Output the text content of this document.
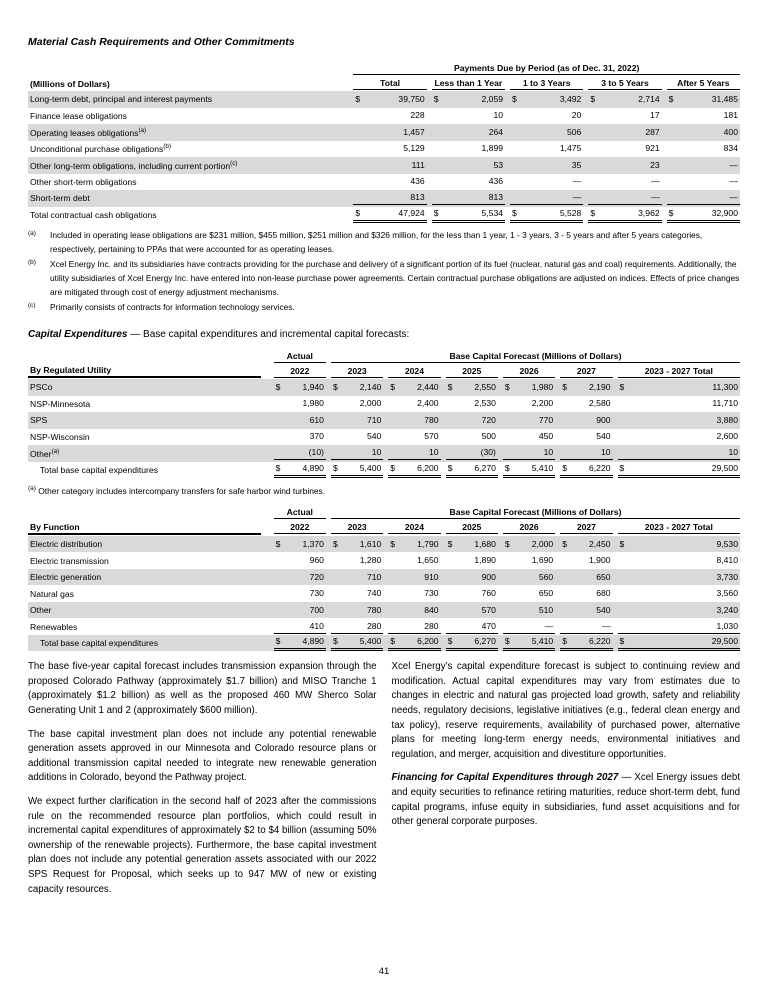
Material Cash Requirements and Other Commitments

	Payments Due by Period (as of Dec. 31, 2022)				

(Millions of Dollars)	Total	Less than 1 Year	1 to 3 Years	3 to 5 Years	After 5 Years

Long-term debt, principal and interest payments	$ 39,750	$ 2,059	$ 3,492	$ 2,714	$ 31,485

Finance lease obligations	228	10	20	17	181

Operating leases obligations$^{(a)}$	1,457	264	506	287	400

Unconditional purchase obligations$^{(b)}$	5,129	1,899	1,475	921	834

Other long-term obligations, including current portion$^{(c)}$	111	53	35	23	—

Other short-term obligations	436	436	—	—	—

Short-term debt	813	813	—	—	—

Total contractual cash obligations	$ 47,924	$ 5,534	$ 5,528	$ 3,962	$ 32,900
(a) Included in operating lease obligations are $231 million, $455 million, $251 million and $326 million, for the less than 1 year, 1 - 3 years, 3 - 5 years and after 5 years categories, respectively, pertaining to PPAs that were accounted for as operating leases.
(b) Xcel Energy Inc. and its subsidiaries have contracts providing for the purchase and delivery of a significant portion of its fuel (nuclear, natural gas and coal) requirements. Additionally, the utility subsidiaries of Xcel Energy Inc. have entered into non-lease purchase power agreements. Certain contractual purchase obligations are adjusted on indices. Effects of price changes are mitigated through cost of energy adjustment mechanisms.
(c) Primarily consists of contracts for information technology services.
Capital Expenditures — Base capital expenditures and incremental capital forecasts:

	Actual	Base Capital Forecast (Millions of Dollars)					

By Regulated Utility	2022	2023	2024	2025	2026	2027	2023 - 2027 Total

PSCo	$ 1,940	$ 2,140	$ 2,440	$ 2,550	$ 1,980	$ 2,190	$ 11,300

NSP-Minnesota	1,980	2,000	2,400	2,530	2,200	2,580	11,710

SPS	610	710	780	720	770	900	3,880

NSP-Wisconsin	370	540	570	500	450	540	2,600

Other$^{(a)}$	(10)	10	10	(30)	10	10	10

Total base capital expenditures	$ 4,890	$ 5,400	$ 6,200	$ 6,270	$ 5,410	$ 6,220	$ 29,500
$^{(a)}$ Other category includes intercompany transfers for safe harbor wind turbines.

	Actual	Base Capital Forecast (Millions of Dollars)					

By Function	2022	2023	2024	2025	2026	2027	2023 - 2027 Total

Electric distribution	$ 1,370	$ 1,610	$ 1,790	$ 1,680	$ 2,000	$ 2,450	$ 9,530

Electric transmission	960	1,280	1,650	1,890	1,690	1,900	8,410

Electric generation	720	710	910	900	560	650	3,730

Natural gas	730	740	730	760	650	680	3,560

Other	700	780	840	570	510	540	3,240

Renewables	410	280	280	470	—	—	1,030

Total base capital expenditures	$ 4,890	$ 5,400	$ 6,200	$ 6,270	$ 5,410	$ 6,220	$ 29,500

The base five-year capital forecast includes transmission expansion through the proposed Colorado Pathway (approximately $1.7 billion) and MISO Tranche 1 (approximately $1.2 billion) as well as the proposed 460 MW Sherco Solar Generating Unit 1 and 2 (approximately $600 million).

The base capital investment plan does not include any potential renewable generation assets approved in our Minnesota and Colorado resource plans or additional transmission capital needed to integrate new renewable generation additions in Colorado, beyond the Pathway project.

We expect further clarification in the second half of 2023 after the commissions rule on the recommended resource plan portfolios, which could result in incremental capital expenditures of approximately $2 to $4 billion (assuming 50% ownership of the renewable projects). Furthermore, the base capital investment plan does not include any potential generation assets associated with our 2022 SPS Request for Proposal, which seeks up to 947 MW of new or existing capacity resources.

Xcel Energy’s capital expenditure forecast is subject to continuing review and modification. Actual capital expenditures may vary from estimates due to changes in electric and natural gas projected load growth, safety and reliability needs, regulatory decisions, legislative initiatives (e.g., federal clean energy and tax policy), reserve requirements, availability of purchased power, alternative plans for meeting long-term energy needs, environmental initiatives and regulation, and merger, acquisition and divestiture opportunities.

Financing for Capital Expenditures through 2027 — Xcel Energy issues debt and equity securities to refinance retiring maturities, reduce short-term debt, fund capital programs, infuse equity in subsidiaries, fund asset acquisitions and for other general corporate purposes.

41
